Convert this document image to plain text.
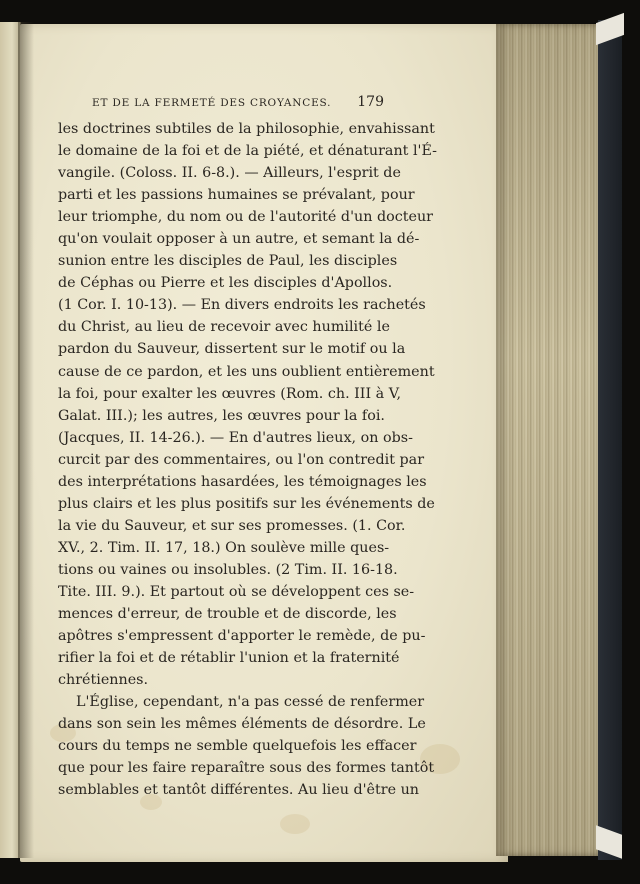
ET DE LA FERMETÉ DES CROYANCES. 179
les doctrines subtiles de la philosophie, envahissant
le domaine de la foi et de la piété, et dénaturant l'É-
vangile. (Coloss. II. 6-8.). — Ailleurs, l'esprit de
parti et les passions humaines se prévalant, pour
leur triomphe, du nom ou de l'autorité d'un docteur
qu'on voulait opposer à un autre, et semant la dé-
sunion entre les disciples de Paul, les disciples
de Céphas ou Pierre et les disciples d'Apollos.
(1 Cor. I. 10-13). — En divers endroits les rachetés
du Christ, au lieu de recevoir avec humilité le
pardon du Sauveur, dissertent sur le motif ou la
cause de ce pardon, et les uns oublient entièrement
la foi, pour exalter les œuvres (Rom. ch. III à V,
Galat. III.); les autres, les œuvres pour la foi.
(Jacques, II. 14-26.). — En d'autres lieux, on obs-
curcit par des commentaires, ou l'on contredit par
des interprétations hasardées, les témoignages les
plus clairs et les plus positifs sur les événements de
la vie du Sauveur, et sur ses promesses. (1. Cor.
XV., 2. Tim. II. 17, 18.) On soulève mille ques-
tions ou vaines ou insolubles. (2 Tim. II. 16-18.
Tite. III. 9.). Et partout où se développent ces se-
mences d'erreur, de trouble et de discorde, les
apôtres s'empressent d'apporter le remède, de pu-
rifier la foi et de rétablir l'union et la fraternité
chrétiennes.
L'Église, cependant, n'a pas cessé de renfermer
dans son sein les mêmes éléments de désordre. Le
cours du temps ne semble quelquefois les effacer
que pour les faire reparaître sous des formes tantôt
semblables et tantôt différentes. Au lieu d'être un
